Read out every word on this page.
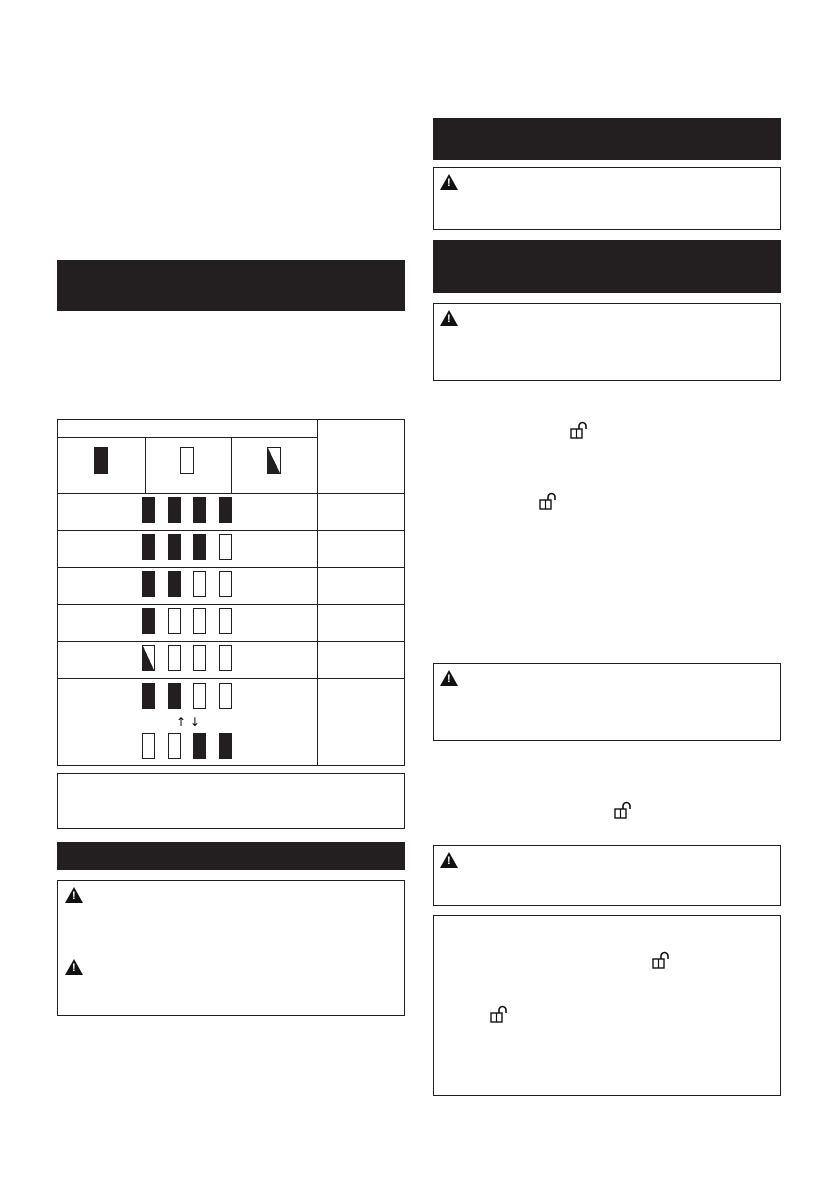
↑ ↓
!
!
!
!
!
!
